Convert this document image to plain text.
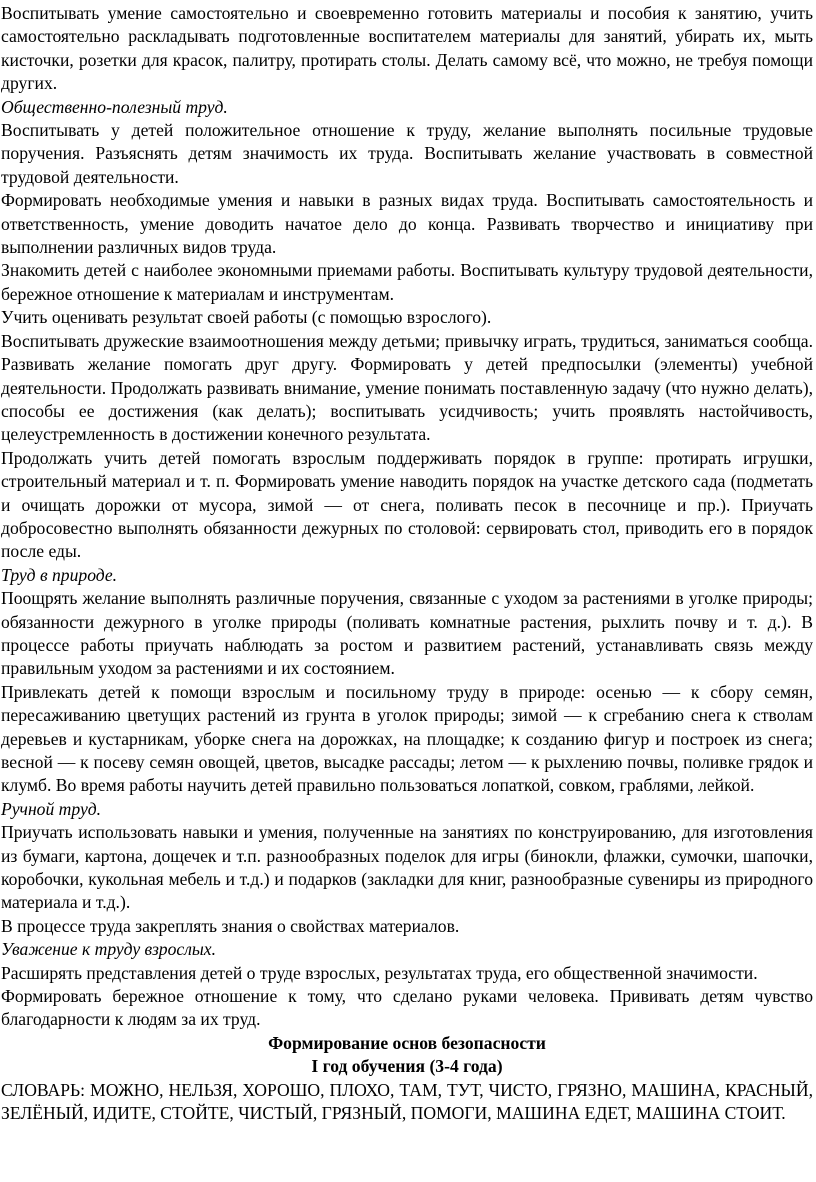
Воспитывать умение самостоятельно и своевременно готовить материалы и пособия к занятию, учить самостоятельно раскладывать подготовленные воспитателем материалы для занятий, убирать их, мыть кисточки, розетки для красок, палитру, протирать столы. Делать самому всё, что можно, не требуя помощи других.

Общественно-полезный труд.

Воспитывать у детей положительное отношение к труду, желание выполнять посильные трудовые поручения. Разъяснять детям значимость их труда. Воспитывать желание участвовать в совместной трудовой деятельности.

Формировать необходимые умения и навыки в разных видах труда. Воспитывать самостоятельность и ответственность, умение доводить начатое дело до конца. Развивать творчество и инициативу при выполнении различных видов труда.

Знакомить детей с наиболее экономными приемами работы. Воспитывать культуру трудовой деятельности, бережное отношение к материалам и инструментам.

Учить оценивать результат своей работы (с помощью взрослого).

Воспитывать дружеские взаимоотношения между детьми; привычку играть, трудиться, заниматься сообща. Развивать желание помогать друг другу. Формировать у детей предпосылки (элементы) учебной деятельности. Продолжать развивать внимание, умение понимать поставленную задачу (что нужно делать), способы ее достижения (как делать); воспитывать усидчивость; учить проявлять настойчивость, целеустремленность в достижении конечного результата.

Продолжать учить детей помогать взрослым поддерживать порядок в группе: протирать игрушки, строительный материал и т. п. Формировать умение наводить порядок на участке детского сада (подметать и очищать дорожки от мусора, зимой — от снега, поливать песок в песочнице и пр.). Приучать добросовестно выполнять обязанности дежурных по столовой: сервировать стол, приводить его в порядок после еды.

Труд в природе.

Поощрять желание выполнять различные поручения, связанные с уходом за растениями в уголке природы; обязанности дежурного в уголке природы (поливать комнатные растения, рыхлить почву и т. д.). В процессе работы приучать наблюдать за ростом и развитием растений, устанавливать связь между правильным уходом за растениями и их состоянием.

Привлекать детей к помощи взрослым и посильному труду в природе: осенью — к сбору семян, пересаживанию цветущих растений из грунта в уголок природы; зимой — к сгребанию снега к стволам деревьев и кустарникам, уборке снега на дорожках, на площадке; к созданию фигур и построек из снега; весной — к посеву семян овощей, цветов, высадке рассады; летом — к рыхлению почвы, поливке грядок и клумб. Во время работы научить детей правильно пользоваться лопаткой, совком, граблями, лейкой.

Ручной труд.

Приучать использовать навыки и умения, полученные на занятиях по конструированию, для изготовления из бумаги, картона, дощечек и т.п. разнообразных поделок для игры (бинокли, флажки, сумочки, шапочки, коробочки, кукольная мебель и т.д.) и подарков (закладки для книг, разнообразные сувениры из природного материала и т.д.).

В процессе труда закреплять знания о свойствах материалов.

Уважение к труду взрослых.

Расширять представления детей о труде взрослых, результатах труда, его общественной значимости.

Формировать бережное отношение к тому, что сделано руками человека. Прививать детям чувство благодарности к людям за их труд.

Формирование основ безопасности

I год обучения (3-4 года)

СЛОВАРЬ: МОЖНО, НЕЛЬЗЯ, ХОРОШО, ПЛОХО, ТАМ, ТУТ, ЧИСТО, ГРЯЗНО, МАШИНА, КРАСНЫЙ, ЗЕЛЁНЫЙ, ИДИТЕ, СТОЙТЕ, ЧИСТЫЙ, ГРЯЗНЫЙ, ПОМОГИ, МАШИНА ЕДЕТ, МАШИНА СТОИТ.
